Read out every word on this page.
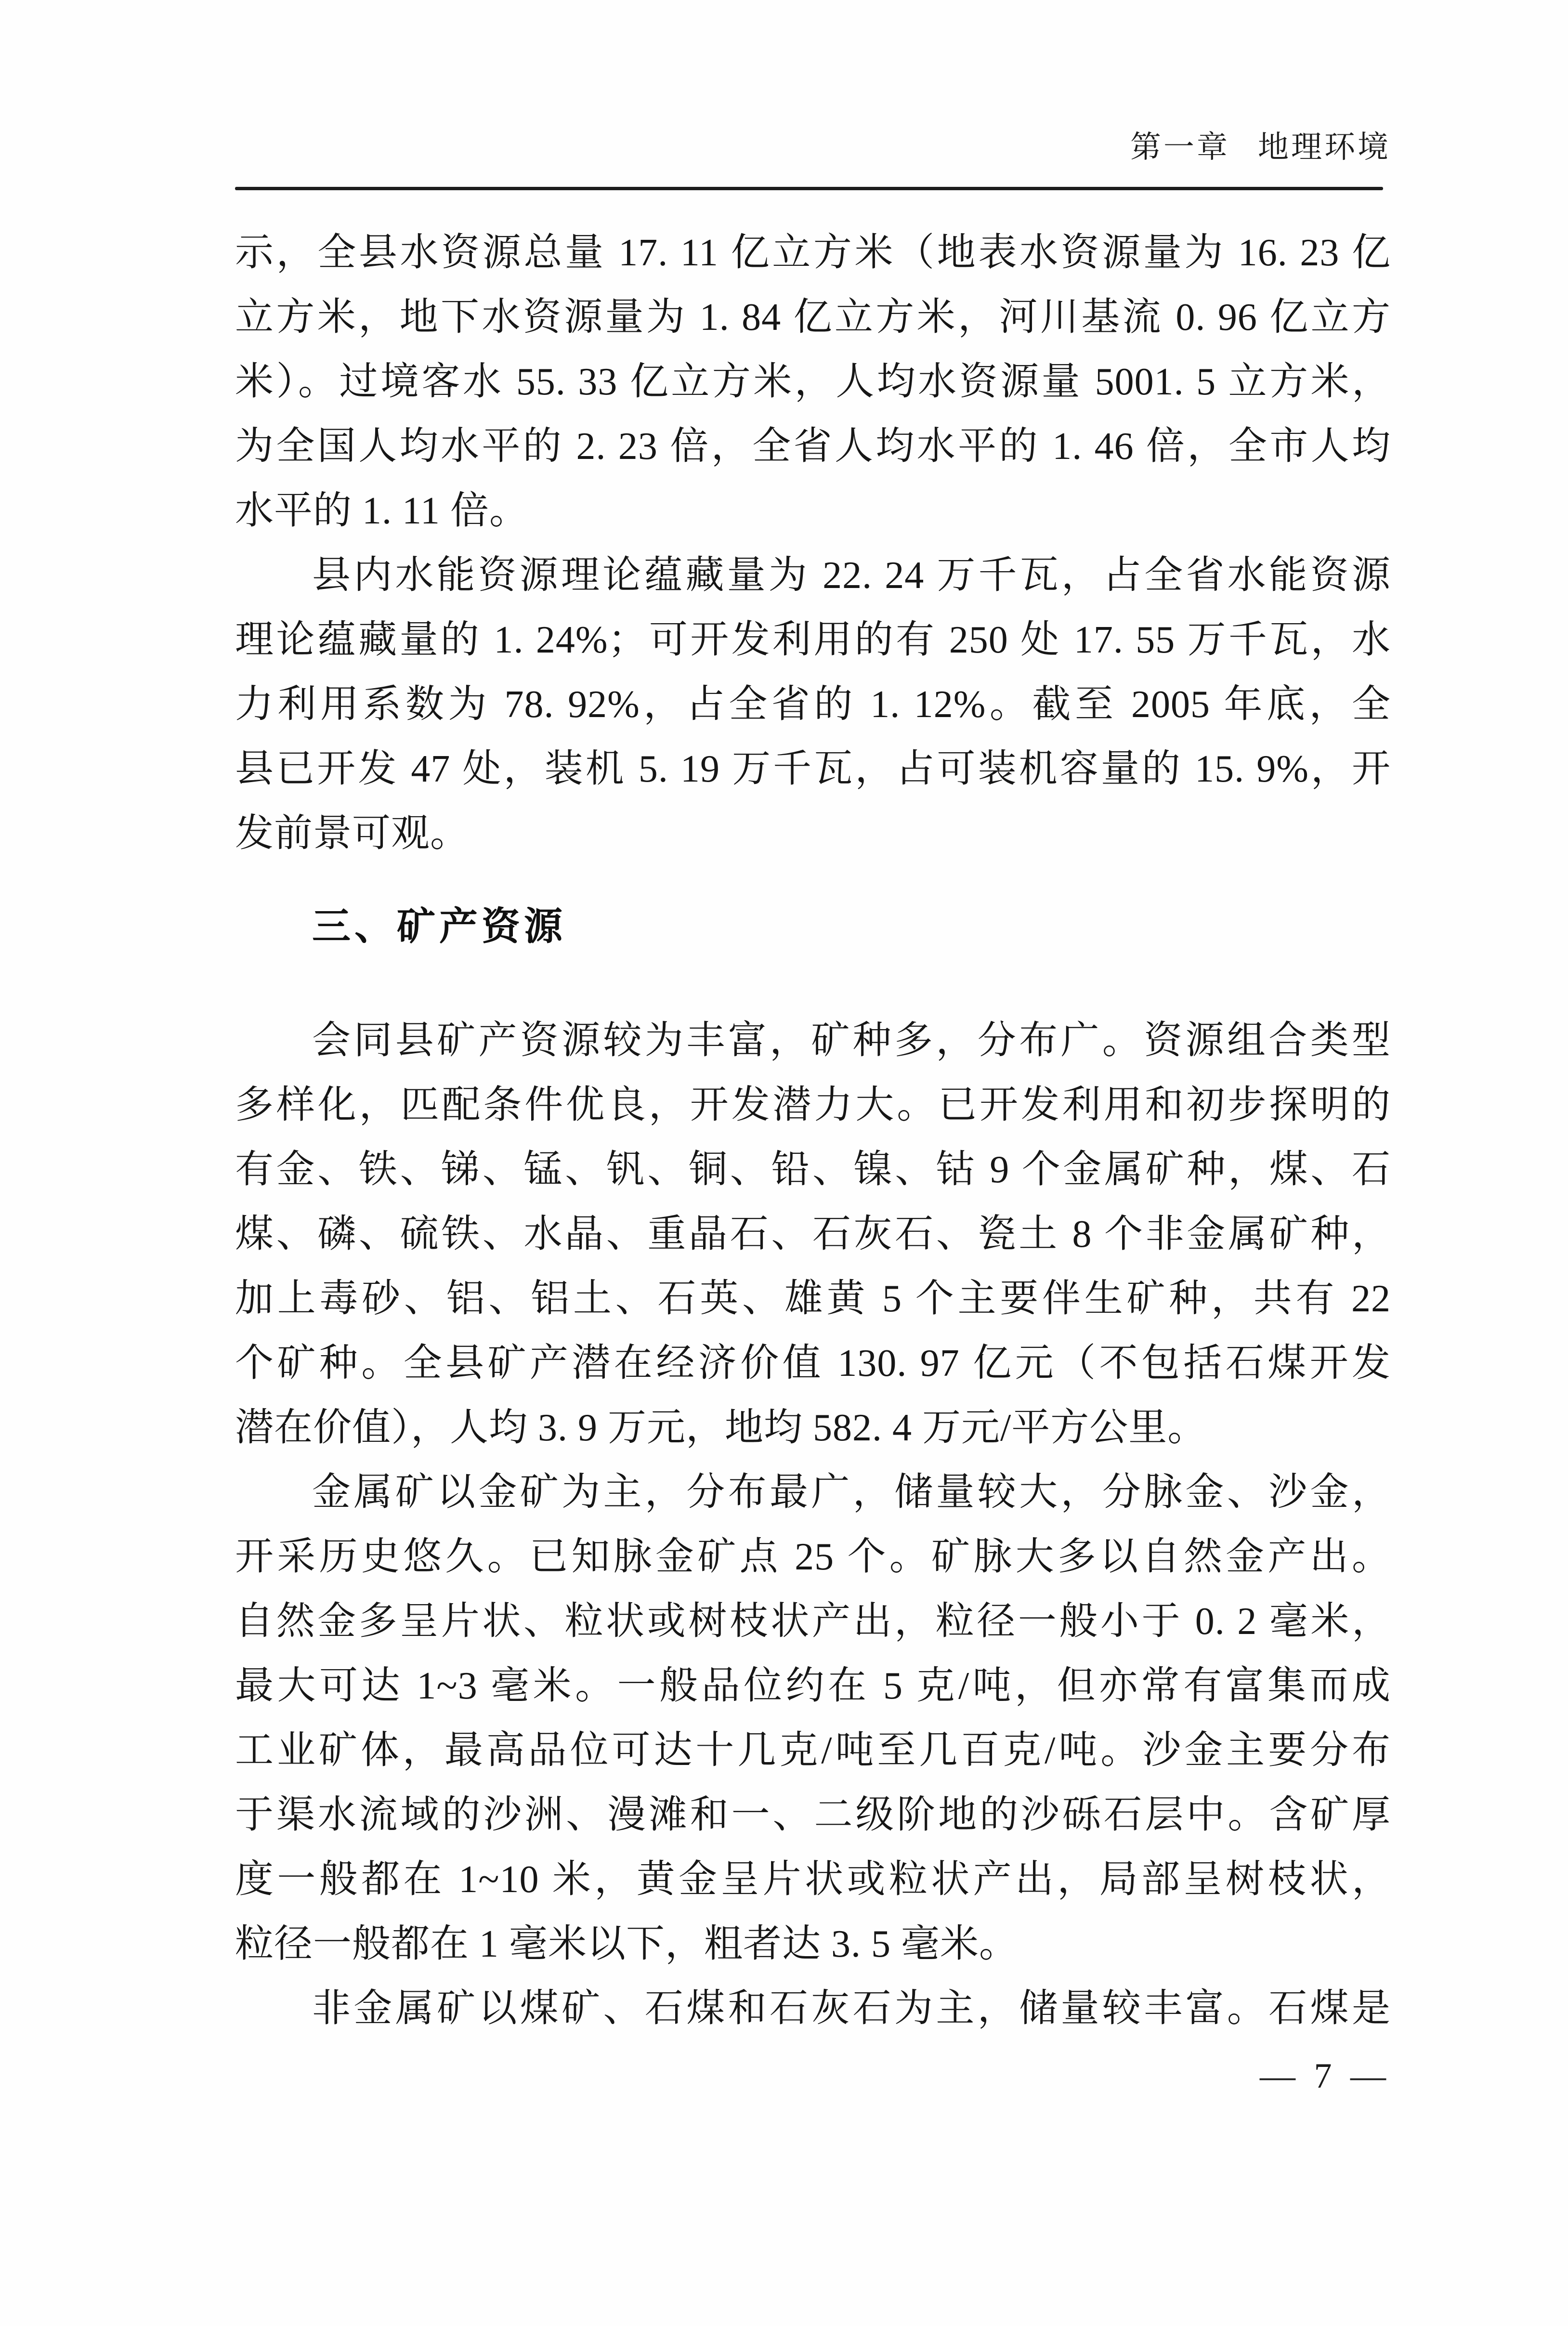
第一章 地理环境
示，全县水资源总量 17. 11 亿立方米（地表水资源量为 16. 23 亿
立方米，地下水资源量为 1. 84 亿立方米，河川基流 0. 96 亿立方
米）。过境客水 55. 33 亿立方米，人均水资源量 5001. 5 立方米，
为全国人均水平的 2. 23 倍，全省人均水平的 1. 46 倍，全市人均
水平的 1. 11 倍。
县内水能资源理论蕴藏量为 22. 24 万千瓦，占全省水能资源
理论蕴藏量的 1. 24%；可开发利用的有 250 处 17. 55 万千瓦，水
力利用系数为 78. 92%，占全省的 1. 12%。截至 2005 年底，全
县已开发 47 处，装机 5. 19 万千瓦，占可装机容量的 15. 9%，开
发前景可观。
三、矿产资源
会同县矿产资源较为丰富，矿种多，分布广。资源组合类型
多样化，匹配条件优良，开发潜力大。已开发利用和初步探明的
有金、铁、锑、锰、钒、铜、铅、镍、钴 9 个金属矿种，煤、石
煤、磷、硫铁、水晶、重晶石、石灰石、瓷土 8 个非金属矿种，
加上毒砂、铝、铝土、石英、雄黄 5 个主要伴生矿种，共有 22
个矿种。全县矿产潜在经济价值 130. 97 亿元（不包括石煤开发
潜在价值），人均 3. 9 万元，地均 582. 4 万元/平方公里。
金属矿以金矿为主，分布最广，储量较大，分脉金、沙金，
开采历史悠久。已知脉金矿点 25 个。矿脉大多以自然金产出。
自然金多呈片状、粒状或树枝状产出，粒径一般小于 0. 2 毫米，
最大可达 1~3 毫米。一般品位约在 5 克/吨，但亦常有富集而成
工业矿体，最高品位可达十几克/吨至几百克/吨。沙金主要分布
于渠水流域的沙洲、漫滩和一、二级阶地的沙砾石层中。含矿厚
度一般都在 1~10 米，黄金呈片状或粒状产出，局部呈树枝状，
粒径一般都在 1 毫米以下，粗者达 3. 5 毫米。
非金属矿以煤矿、石煤和石灰石为主，储量较丰富。石煤是
— 7 —
